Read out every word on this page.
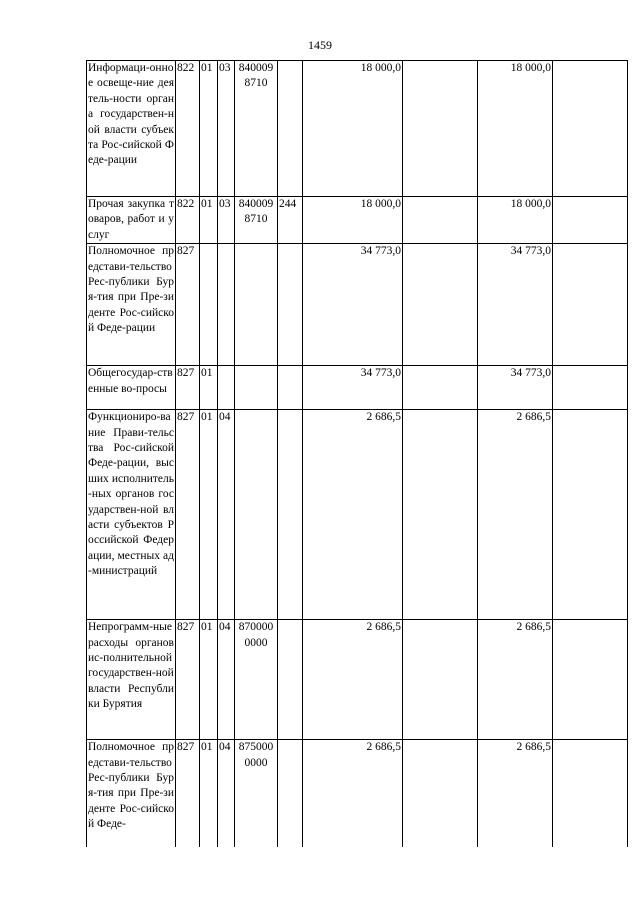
1459
Информаци-онное освеще-ние деятель-ности органа государствен-ной власти субъекта Рос-сийской Феде-рации	822	01	03	840009 8710		18 000,0		18 000,0	
Прочая закупка товаров, работ и услуг	822	01	03	840009 8710	244	18 000,0		18 000,0	
Полномочное представи-тельство Рес-публики Буря-тия при Пре-зиденте Рос-сийской Феде-рации	827					34 773,0		34 773,0	
Общегосудар-ственные во-просы	827	01				34 773,0		34 773,0	
Функциониро-вание Прави-тельства Рос-сийской Феде-рации, высших исполнитель-ных органов государствен-ной власти субъектов Российской Федерации, местных ад-министраций	827	01	04			2 686,5		2 686,5	
Непрограмм-ные расходы органов ис-полнительной государствен-ной власти Республики Бурятия	827	01	04	870000 0000		2 686,5		2 686,5	
Полномочное представи-тельство Рес-публики Буря-тия при Пре-зиденте Рос-сийской Феде-	827	01	04	875000 0000		2 686,5		2 686,5	
